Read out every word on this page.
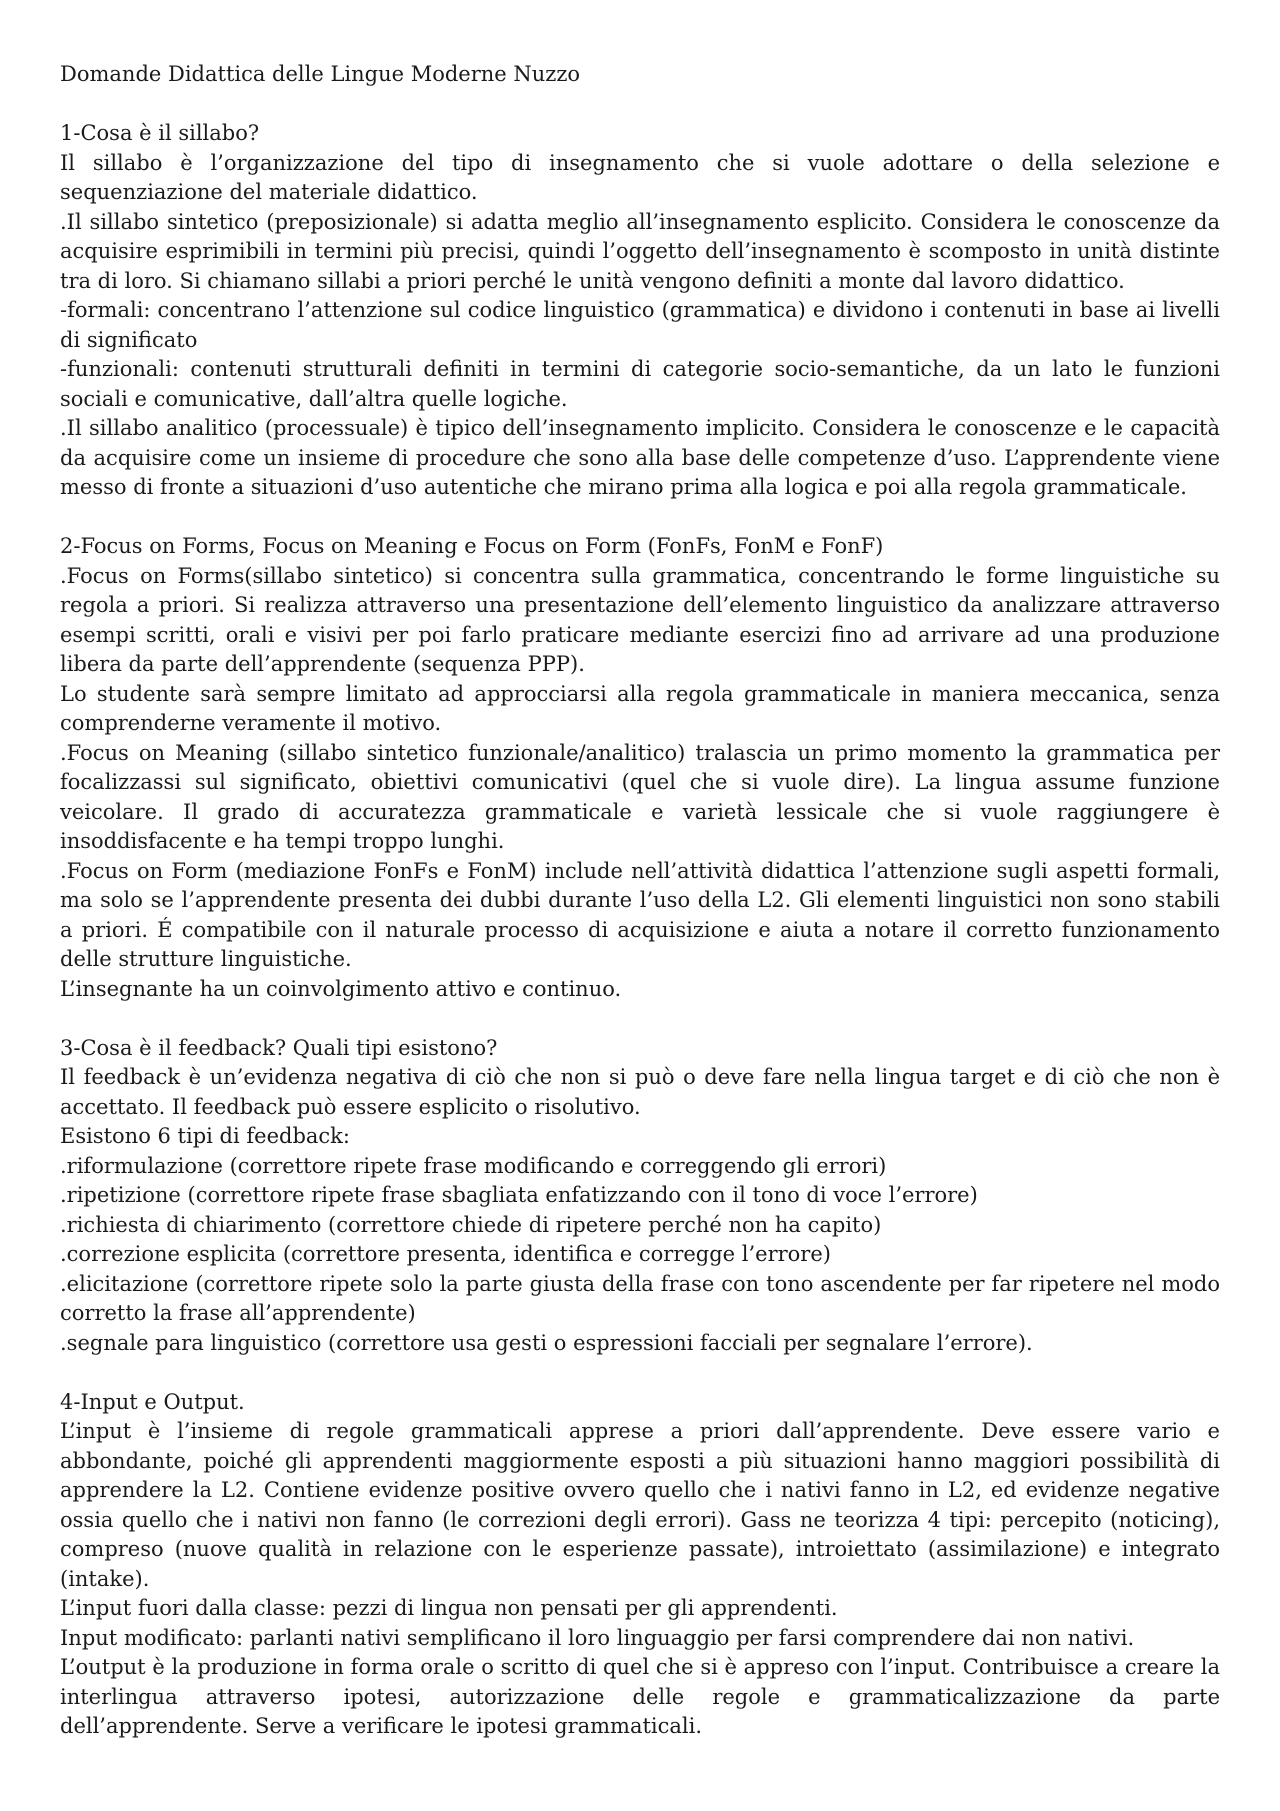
Domande Didattica delle Lingue Moderne Nuzzo
1-Cosa è il sillabo?

Il sillabo è l’organizzazione del tipo di insegnamento che si vuole adottare o della selezione e sequenziazione del materiale didattico.

.Il sillabo sintetico (preposizionale) si adatta meglio all’insegnamento esplicito. Considera le conoscenze da acquisire esprimibili in termini più precisi, quindi l’oggetto dell’insegnamento è scomposto in unità distinte tra di loro. Si chiamano sillabi a priori perché le unità vengono definiti a monte dal lavoro didattico.

-formali: concentrano l’attenzione sul codice linguistico (grammatica) e dividono i contenuti in base ai livelli di significato

-funzionali: contenuti strutturali definiti in termini di categorie socio-semantiche, da un lato le funzioni sociali e comunicative, dall’altra quelle logiche.

.Il sillabo analitico (processuale) è tipico dell’insegnamento implicito. Considera le conoscenze e le capacità da acquisire come un insieme di procedure che sono alla base delle competenze d’uso. L’apprendente viene messo di fronte a situazioni d’uso autentiche che mirano prima alla logica e poi alla regola grammaticale.

2-Focus on Forms, Focus on Meaning e Focus on Form (FonFs, FonM e FonF)

.Focus on Forms(sillabo sintetico) si concentra sulla grammatica, concentrando le forme linguistiche su regola a priori. Si realizza attraverso una presentazione dell’elemento linguistico da analizzare attraverso esempi scritti, orali e visivi per poi farlo praticare mediante esercizi fino ad arrivare ad una produzione libera da parte dell’apprendente (sequenza PPP).

Lo studente sarà sempre limitato ad approcciarsi alla regola grammaticale in maniera meccanica, senza comprenderne veramente il motivo.

.Focus on Meaning (sillabo sintetico funzionale/analitico) tralascia un primo momento la grammatica per focalizzassi sul significato, obiettivi comunicativi (quel che si vuole dire). La lingua assume funzione veicolare. Il grado di accuratezza grammaticale e varietà lessicale che si vuole raggiungere è insoddisfacente e ha tempi troppo lunghi.

.Focus on Form (mediazione FonFs e FonM) include nell’attività didattica l’attenzione sugli aspetti formali, ma solo se l’apprendente presenta dei dubbi durante l’uso della L2. Gli elementi linguistici non sono stabili a priori. É compatibile con il naturale processo di acquisizione e aiuta a notare il corretto funzionamento delle strutture linguistiche.

L’insegnante ha un coinvolgimento attivo e continuo.

3-Cosa è il feedback? Quali tipi esistono?

Il feedback è un’evidenza negativa di ciò che non si può o deve fare nella lingua target e di ciò che non è accettato. Il feedback può essere esplicito o risolutivo.

Esistono 6 tipi di feedback:

.riformulazione (correttore ripete frase modificando e correggendo gli errori)

.ripetizione (correttore ripete frase sbagliata enfatizzando con il tono di voce l’errore)

.richiesta di chiarimento (correttore chiede di ripetere perché non ha capito)

.correzione esplicita (correttore presenta, identifica e corregge l’errore)

.elicitazione (correttore ripete solo la parte giusta della frase con tono ascendente per far ripetere nel modo corretto la frase all’apprendente)

.segnale para linguistico (correttore usa gesti o espressioni facciali per segnalare l’errore).

4-Input e Output.

L’input è l’insieme di regole grammaticali apprese a priori dall’apprendente. Deve essere vario e abbondante, poiché gli apprendenti maggiormente esposti a più situazioni hanno maggiori possibilità di apprendere la L2. Contiene evidenze positive ovvero quello che i nativi fanno in L2, ed evidenze negative ossia quello che i nativi non fanno (le correzioni degli errori). Gass ne teorizza 4 tipi: percepito (noticing), compreso (nuove qualità in relazione con le esperienze passate), introiettato (assimilazione) e integrato (intake).

L’input fuori dalla classe: pezzi di lingua non pensati per gli apprendenti.

Input modificato: parlanti nativi semplificano il loro linguaggio per farsi comprendere dai non nativi.

L’output è la produzione in forma orale o scritto di quel che si è appreso con l’input. Contribuisce a creare la interlingua attraverso ipotesi, autorizzazione delle regole e grammaticalizzazione da parte dell’apprendente. Serve a verificare le ipotesi grammaticali.
